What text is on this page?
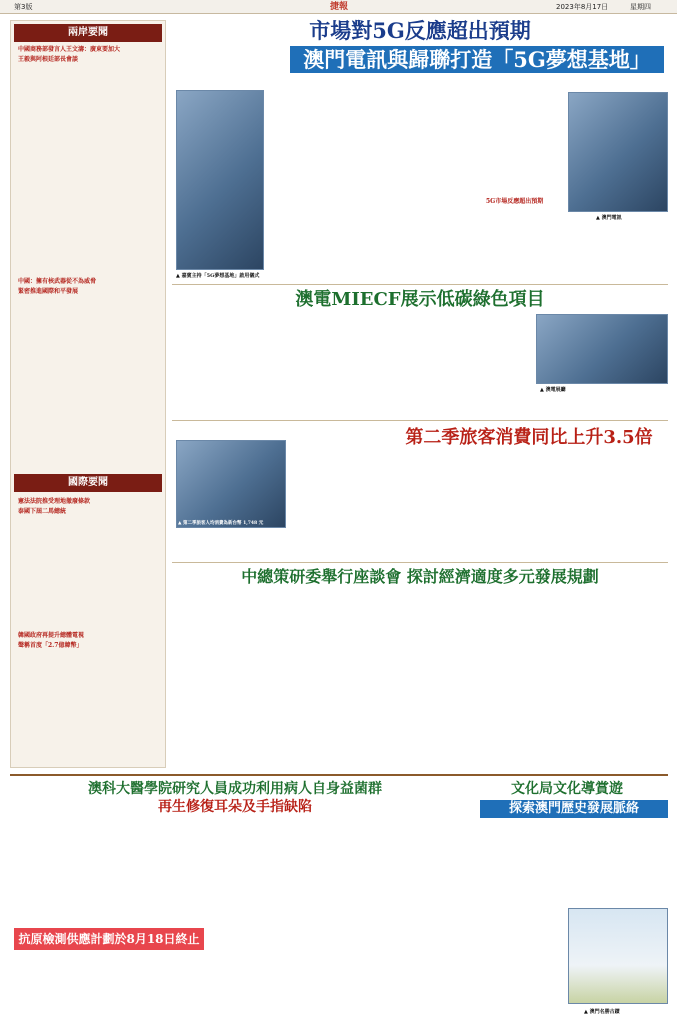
第3版	捷報	2023年8月17日	星期四
兩岸要聞
中國商務部發言人王文濤：廣東要加大
王毅與阿根廷部長會談
中國：擁有核武器從不為威脅
緊密推進國際和平發展
國際要聞
憲法法院推受理地撤廢條款
泰國下屆二馬總統
韓國政府再提升總體電視
聲稱首度「2.7億韓幣」
市場對5G反應超出預期
澳門電訊與歸聯打造「5G夢想基地」
5G市場反應超出預期
▲ 澳門電訊
▲ 嘉賓主持「5G夢想基地」啟用儀式
澳電MIECF展示低碳綠色項目
▲ 澳電展廳
第二季旅客消費同比上升3.5倍
▲ 第二季旅客人均消費為新台幣 1,748 元
中總策研委舉行座談會 探討經濟適度多元發展規劃
澳科大醫學院研究人員成功利用病人自身益菌群
再生修復耳朵及手指缺陷
抗原檢測供應計劃於8月18日終止
文化局文化導賞遊
探索澳門歷史發展脈絡
▲ 澳門名勝古蹟
